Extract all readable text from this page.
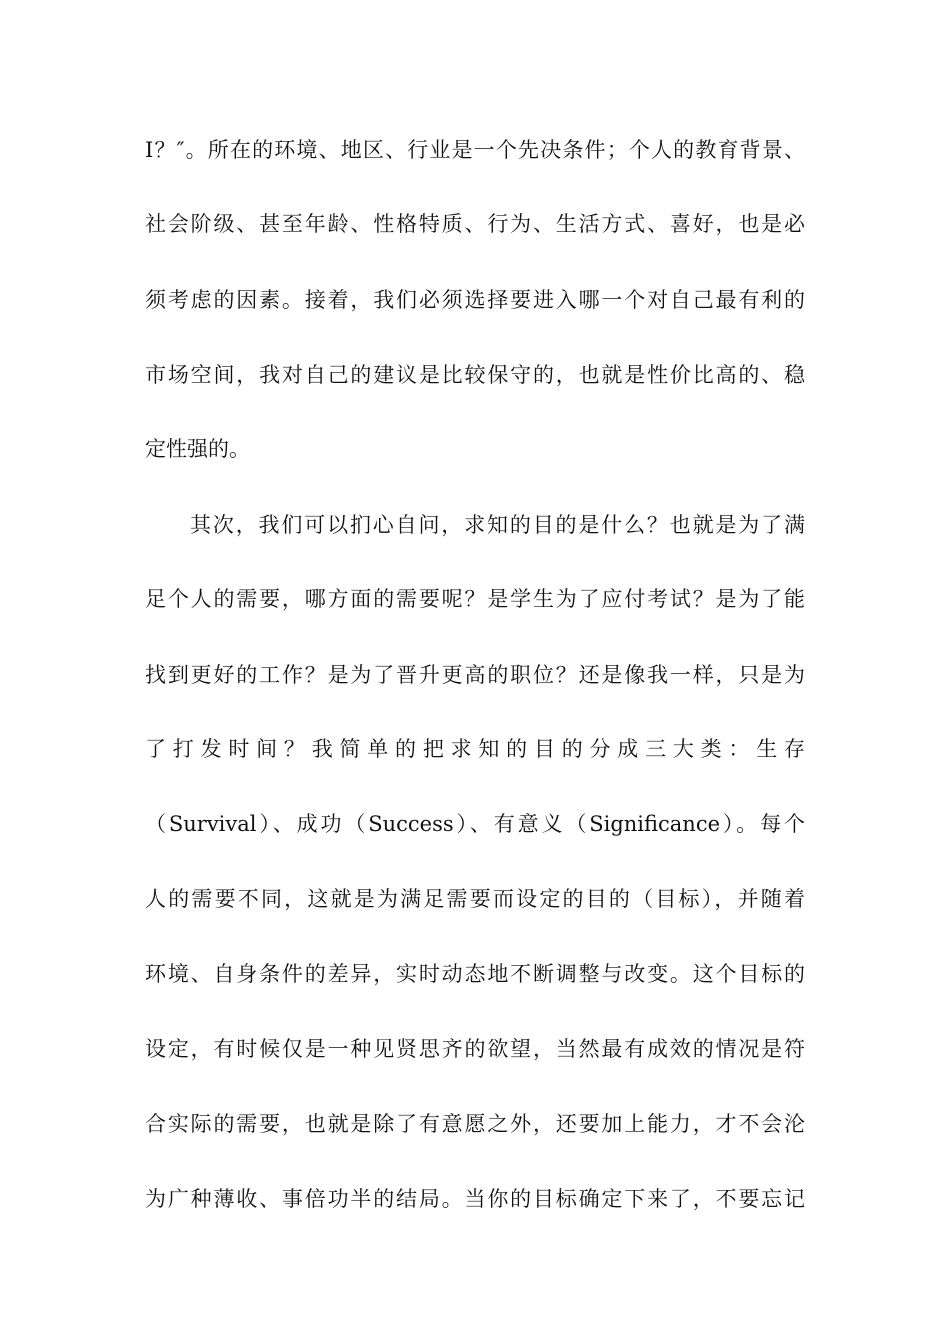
I？″。所在的环境、地区、行业是一个先决条件；个人的教育背景、
社会阶级、甚至年龄、性格特质、行为、生活方式、喜好，也是必
须考虑的因素。接着，我们必须选择要进入哪一个对自己最有利的
市场空间，我对自己的建议是比较保守的，也就是性价比高的、稳
定性强的。
其次，我们可以扪心自问，求知的目的是什么？也就是为了满
足个人的需要，哪方面的需要呢？是学生为了应付考试？是为了能
找到更好的工作？是为了晋升更高的职位？还是像我一样，只是为
了打发时间？我简单的把求知的目的分成三大类：生存
（Survival）、成功（Success）、有意义（Significance）。每个
人的需要不同，这就是为满足需要而设定的目的（目标），并随着
环境、自身条件的差异，实时动态地不断调整与改变。这个目标的
设定，有时候仅是一种见贤思齐的欲望，当然最有成效的情况是符
合实际的需要，也就是除了有意愿之外，还要加上能力，才不会沦
为广种薄收、事倍功半的结局。当你的目标确定下来了，不要忘记
